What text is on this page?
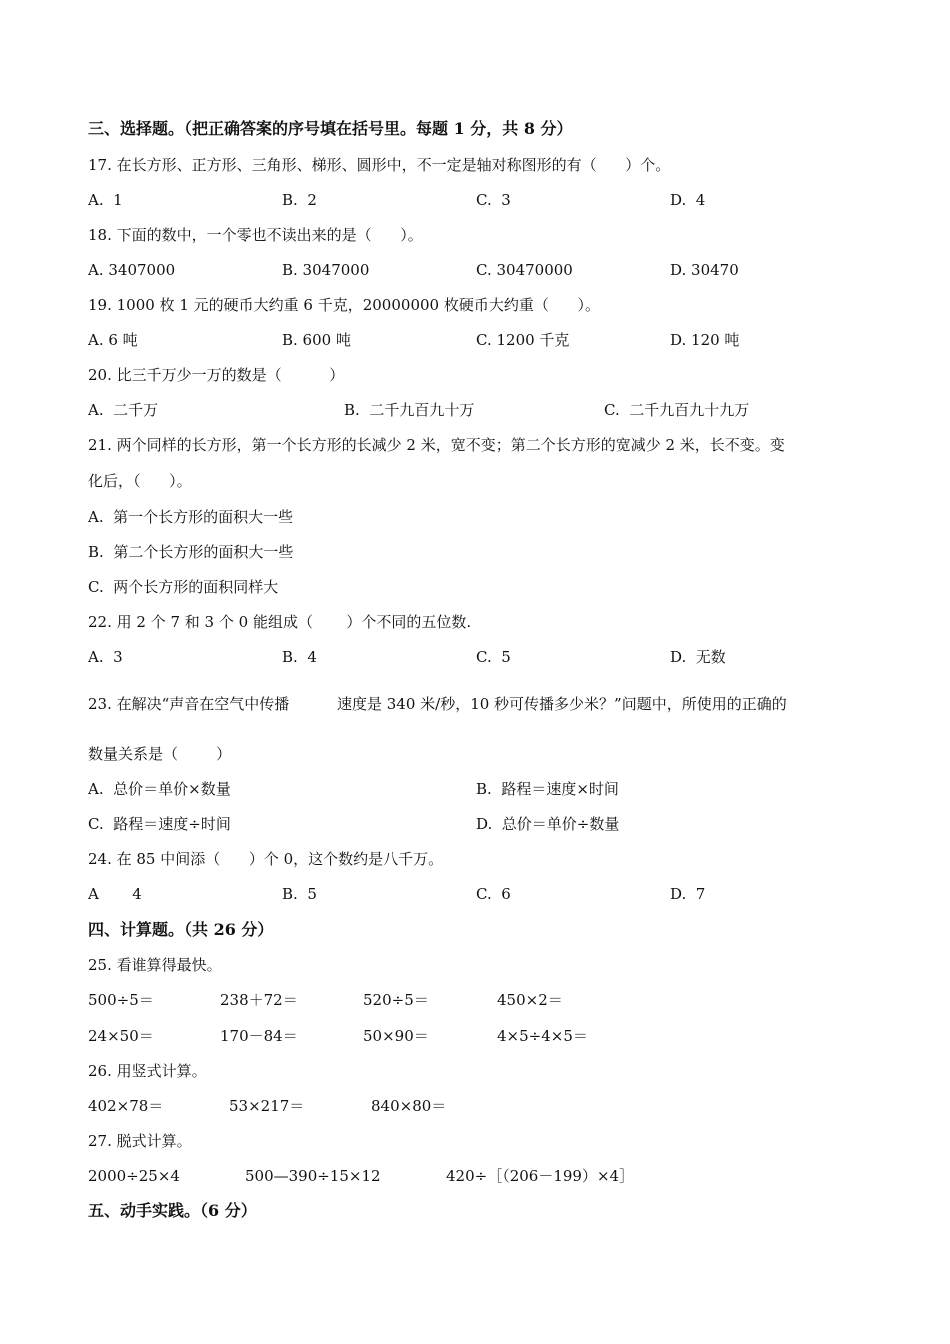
三、选择题。（把正确答案的序号填在括号里。每题 1 分，共 8 分）
17. 在长方形、正方形、三角形、梯形、圆形中，不一定是轴对称图形的有（      ）个。
A.  1	B.  2	C.  3	D.  4
18. 下面的数中，一个零也不读出来的是（      ）。
A. 3407000	B. 3047000	C. 30470000	D. 30470
19. 1000 枚 1 元的硬币大约重 6 千克，20000000 枚硬币大约重（      ）。
A. 6 吨	B. 600 吨	C. 1200 千克	D. 120 吨
20. 比三千万少一万的数是（          ）
A.  二千万	B.  二千九百九十万	C.  二千九百九十九万
21. 两个同样的长方形，第一个长方形的长减少 2 米，宽不变；第二个长方形的宽减少 2 米，长不变。变
化后，（      ）。
A.  第一个长方形的面积大一些
B.  第二个长方形的面积大一些
C.  两个长方形的面积同样大
22. 用 2 个 7 和 3 个 0 能组成（       ）个不同的五位数.
A.  3	B.  4	C.  5	D.  无数
23. 在解决“声音在空气中传播          速度是 340 米/秒，10 秒可传播多少米？”问题中，所使用的正确的
数量关系是（        ）
A.  总价＝单价×数量	B.  路程＝速度×时间
C.  路程＝速度÷时间	D.  总价＝单价÷数量
24. 在 85 中间添（      ）个 0，这个数约是八千万。
A       4	B.  5	C.  6	D.  7
四、计算题。（共 26 分）
25. 看谁算得最快。
500÷5＝	238＋72＝	520÷5＝	450×2＝
24×50＝	170－84＝	50×90＝	4×5÷4×5＝
26. 用竖式计算。
402×78＝	53×217＝	840×80＝
27. 脱式计算。
2000÷25×4	500—390÷15×12	420÷［（206－199）×4］
五、动手实践。（6 分）
